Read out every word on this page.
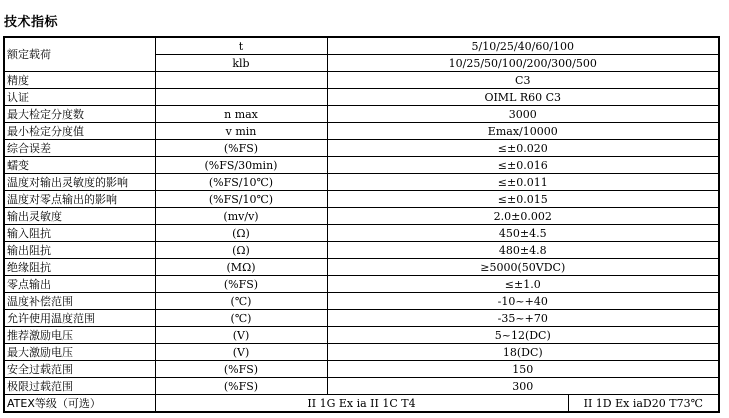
技术指标
额定载荷	t	5/10/25/40/60/100	
	klb	10/25/50/100/200/300/500	
精度		C3	
认证		OIML R60 C3	
最大检定分度数	n max	3000	
最小检定分度值	v min	Emax/10000	
综合误差	(%FS)	≤±0.020	
蠕变	(%FS/30min)	≤±0.016	
温度对输出灵敏度的影响	(%FS/10℃)	≤±0.011	
温度对零点输出的影响	(%FS/10℃)	≤±0.015	
输出灵敏度	(mv/v)	2.0±0.002	
输入阻抗	(Ω)	450±4.5	
输出阻抗	(Ω)	480±4.8	
绝缘阻抗	(MΩ)	≥5000(50VDC)	
零点输出	(%FS)	≤±1.0	
温度补偿范围	(℃)	-10~+40	
允许使用温度范围	(℃)	-35~+70	
推荐激励电压	(V)	5~12(DC)	
最大激励电压	(V)	18(DC)	
安全过载范围	(%FS)	150	
极限过载范围	(%FS)	300	
ATEX等级（可选）	II 1G Ex ia II 1C T4		II 1D Ex iaD20 T73℃
